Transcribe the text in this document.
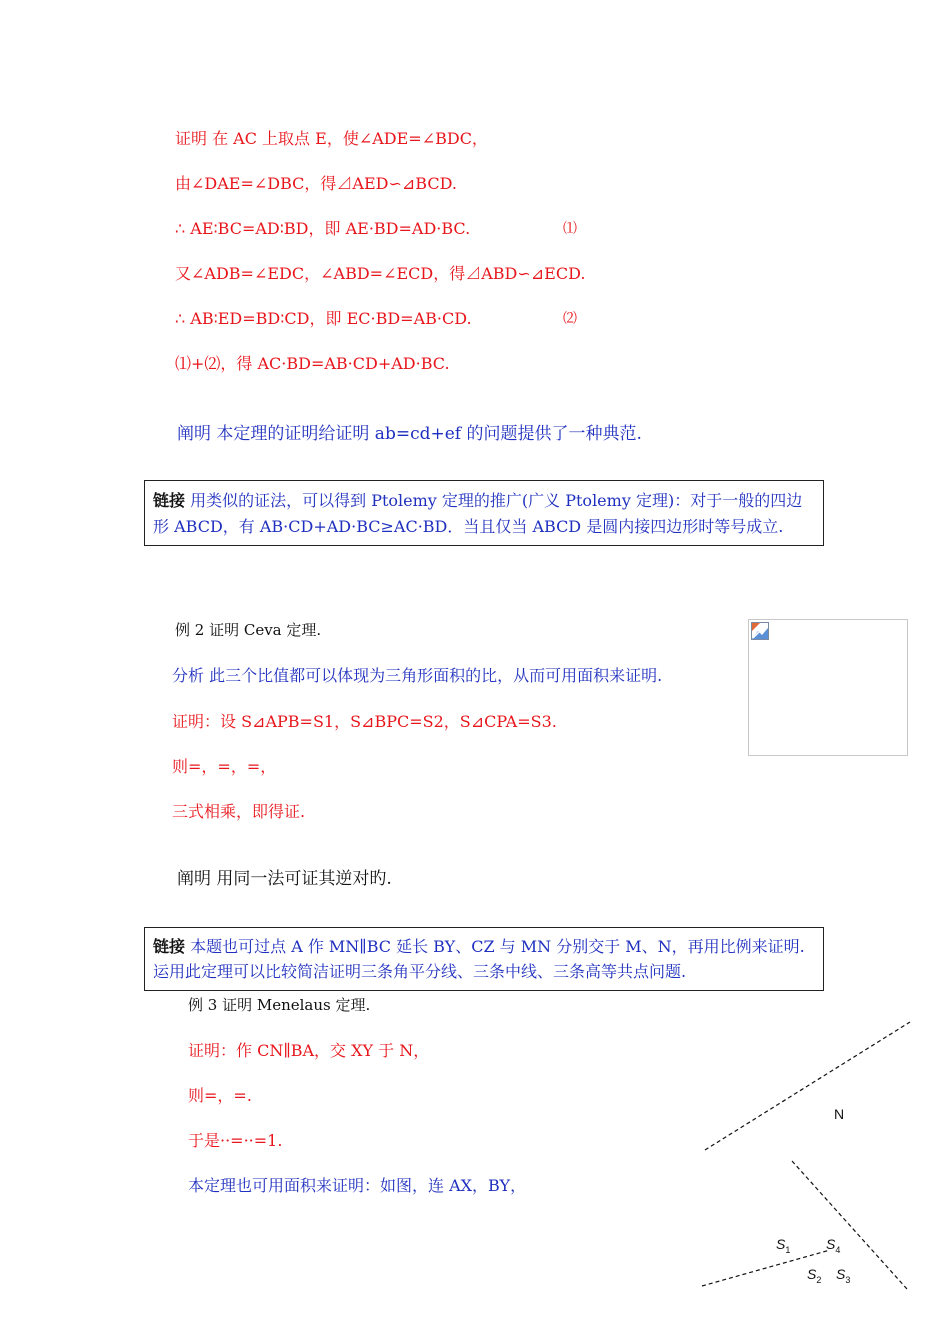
证明 在 AC 上取点 E，使∠ADE=∠BDC，
由∠DAE=∠DBC，得⊿AED∽⊿BCD.
∴ AE∶BC=AD∶BD，即 AE·BD=AD·BC.	⑴
又∠ADB=∠EDC，∠ABD=∠ECD，得⊿ABD∽⊿ECD.
∴ AB∶ED=BD∶CD，即 EC·BD=AB·CD.	⑵
⑴+⑵，得 AC·BD=AB·CD+AD·BC.
阐明 本定理的证明给证明 ab=cd+ef 的问题提供了一种典范.
链接 用类似的证法，可以得到 Ptolemy 定理的推广(广义 Ptolemy 定理)：对于一般的四边
形 ABCD，有 AB·CD+AD·BC≥AC·BD．当且仅当 ABCD 是圆内接四边形时等号成立.
例 2 证明 Ceva 定理.
分析 此三个比值都可以体现为三角形面积的比，从而可用面积来证明.
证明：设 S⊿APB=S1，S⊿BPC=S2，S⊿CPA=S3.
则=，=，=，
三式相乘，即得证.
阐明 用同一法可证其逆对旳.
链接 本题也可过点 A 作 MN∥BC 延长 BY、CZ 与 MN 分别交于 M、N，再用比例来证明.
运用此定理可以比较简洁证明三条角平分线、三条中线、三条高等共点问题.
例 3 证明 Menelaus 定理.
证明：作 CN∥BA，交 XY 于 N，
则=，=.
于是··=··=1.
本定理也可用面积来证明：如图，连 AX，BY，
N
$S_1$	$S_4$
$S_2$ $S_3$
